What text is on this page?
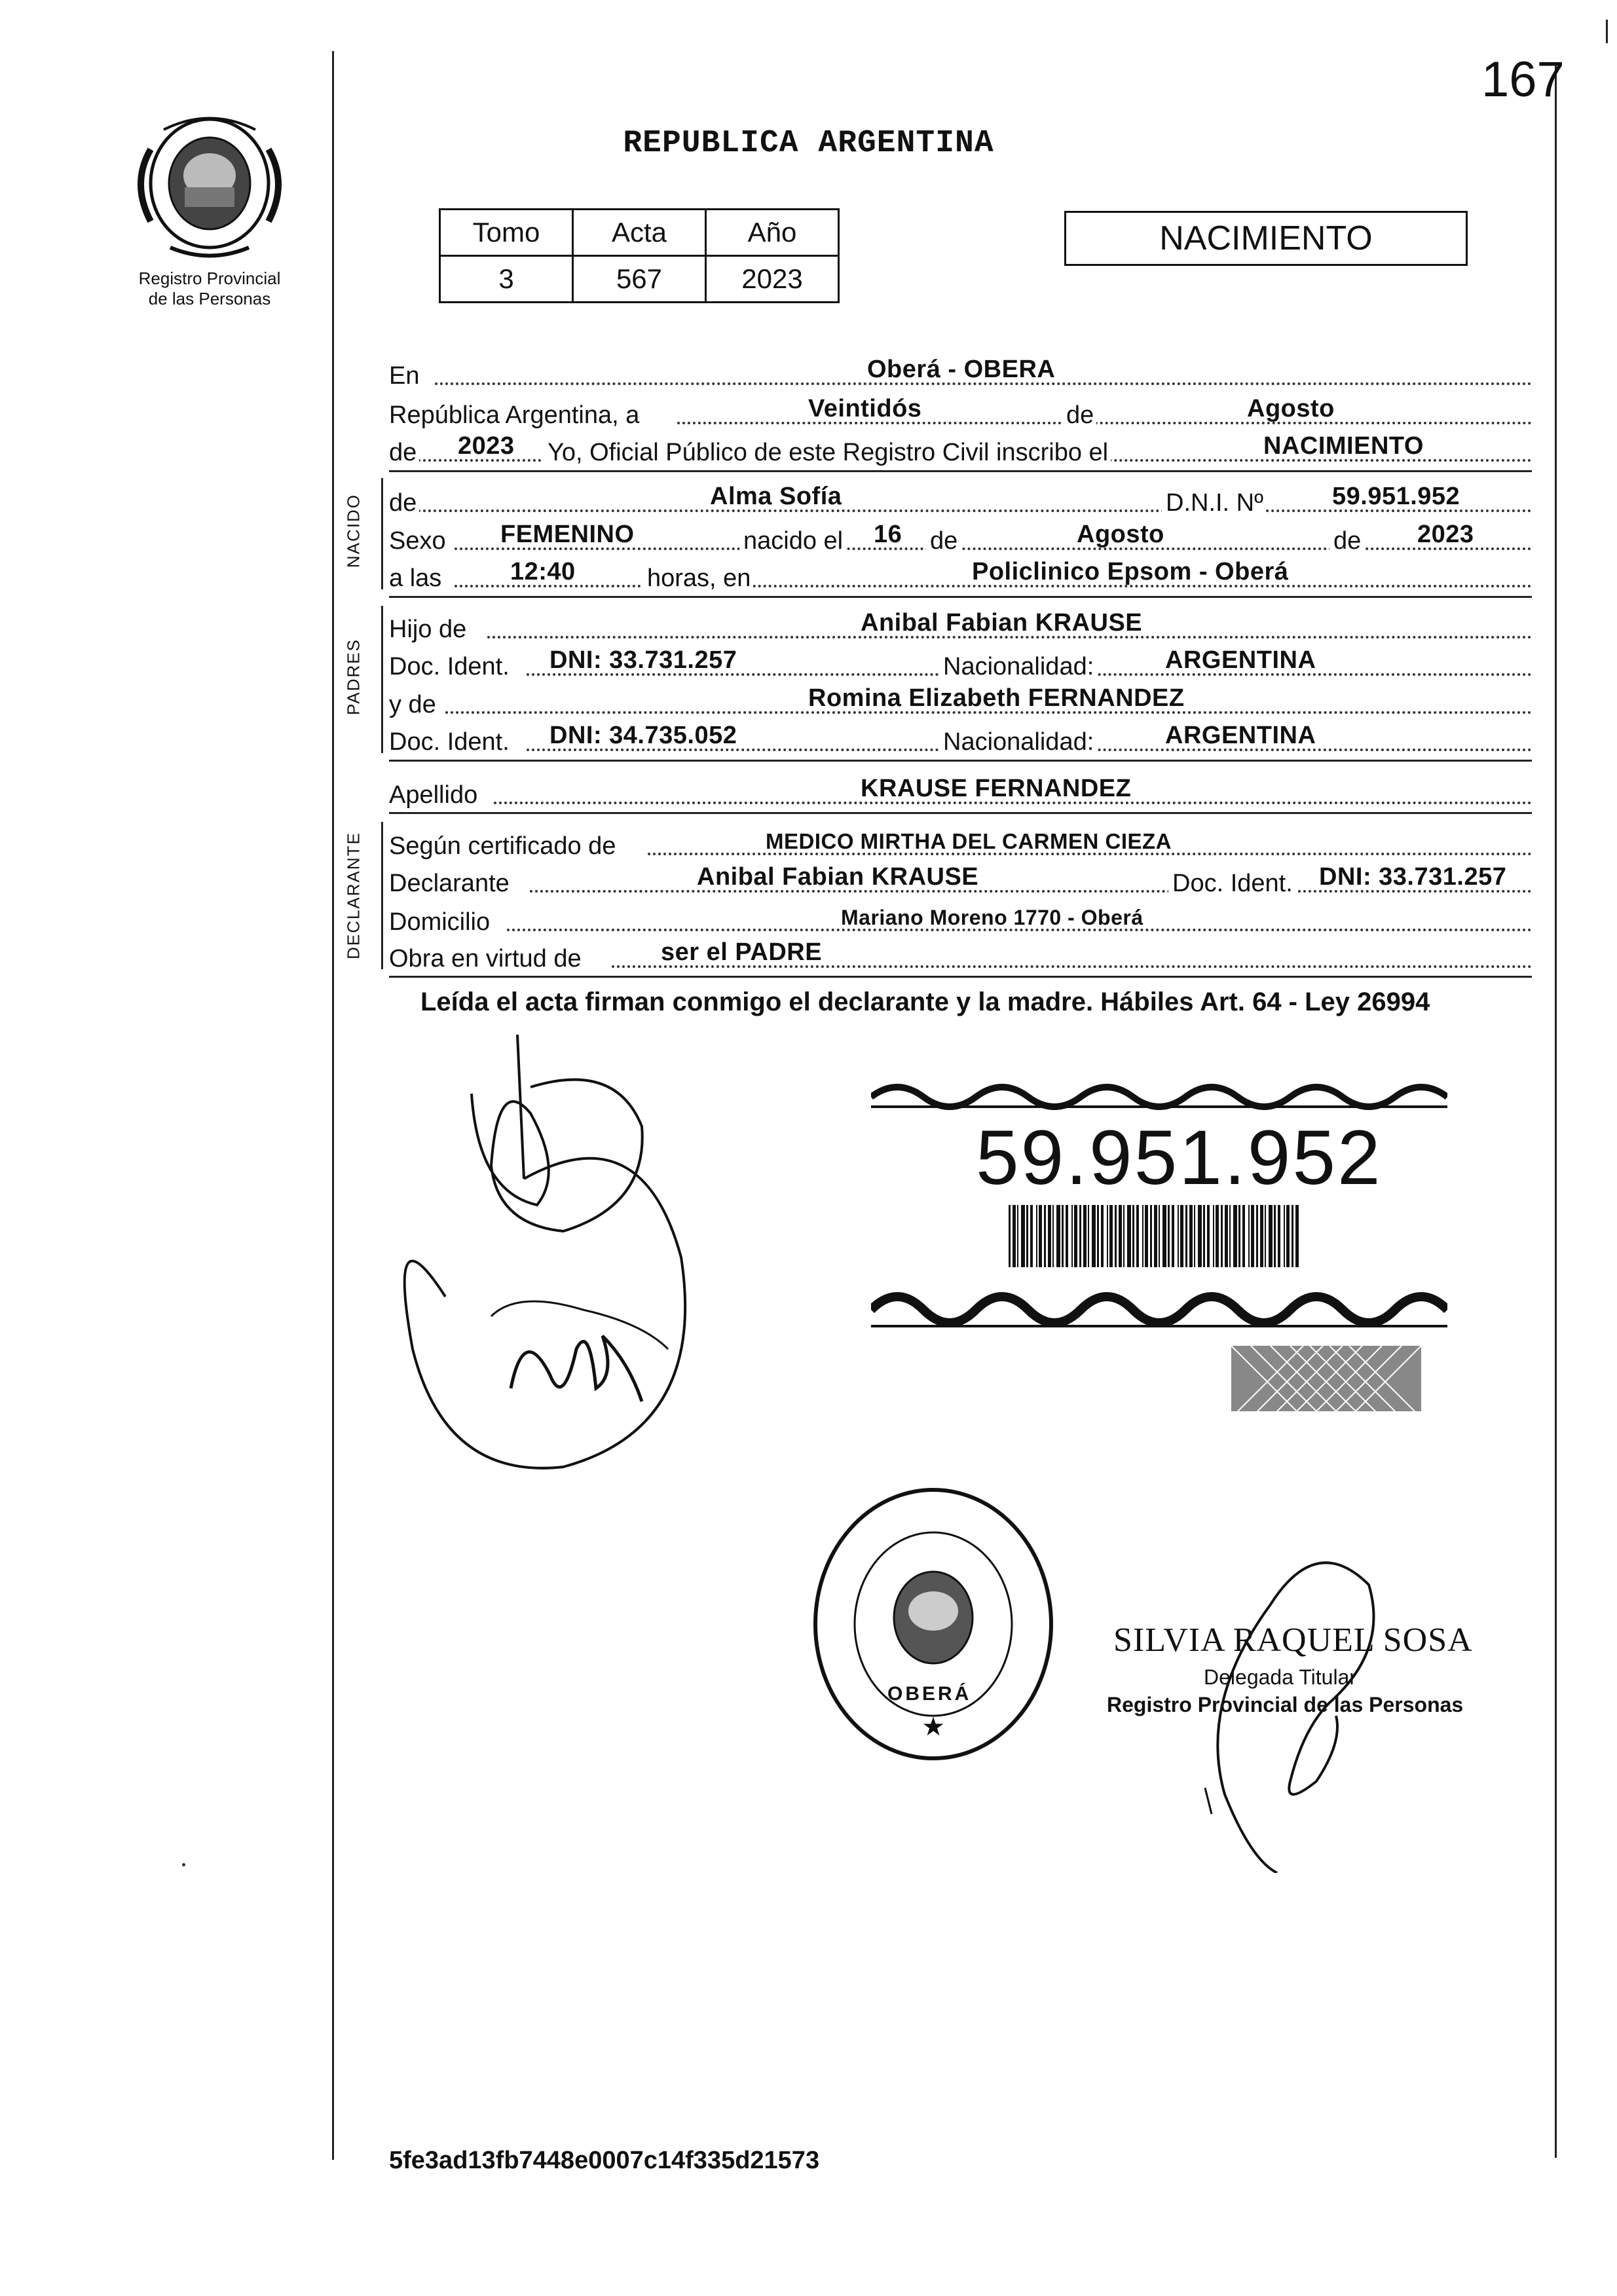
167
Registro Provincial
de las Personas
REPUBLICA ARGENTINA
Tomo	Acta	Año
3	567	2023
NACIMIENTO
En	Oberá - OBERA
República Argentina, a	Veintidós	de	Agosto
de 2023 Yo, Oficial Público de este Registro Civil inscribo el	NACIMIENTO
NACIDO de	Alma Sofía	D.N.I. Nº	59.951.952
Sexo FEMENINO	nacido el 16 de	Agosto	de 2023
a las	12:40	horas, en	Policlinico Epsom - Oberá
PADRES
Hijo de	Anibal Fabian KRAUSE
Doc. Ident. DNI: 33.731.257	Nacionalidad:	ARGENTINA
y de	Romina Elizabeth FERNANDEZ
Doc. Ident. DNI: 34.735.052	Nacionalidad:	ARGENTINA
Apellido	KRAUSE FERNANDEZ
DECLARANTE Según certificado de	MEDICO MIRTHA DEL CARMEN CIEZA
Declarante	Anibal Fabian KRAUSE	Doc. Ident. DNI: 33.731.257
Domicilio	Mariano Moreno 1770 - Oberá
Obra en virtud de	ser el PADRE
Leída el acta firman conmigo el declarante y la madre. Hábiles Art. 64 - Ley 26994
59.951.952
★
OBERÁ
SILVIA RAQUEL SOSA
Delegada Titular
Registro Provincial de las Personas
5fe3ad13fb7448e0007c14f335d21573
